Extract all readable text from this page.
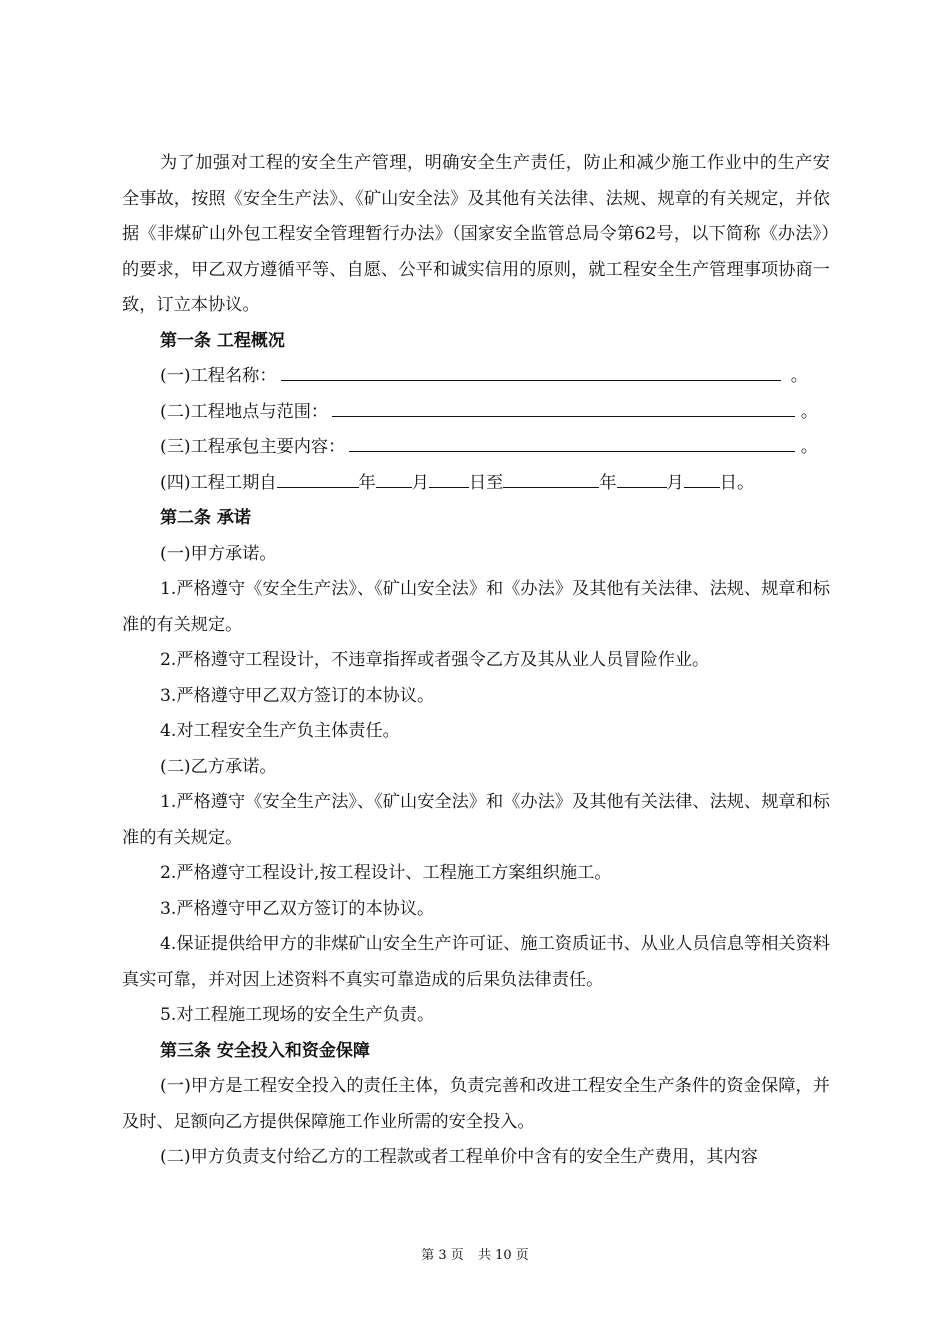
为了加强对工程的安全生产管理，明确安全生产责任，防止和减少施工作业中的生产安全事故，按照《安全生产法》、《矿山安全法》及其他有关法律、法规、规章的有关规定，并依据《非煤矿山外包工程安全管理暂行办法》（国家安全监管总局令第62号，以下简称《办法》）的要求，甲乙双方遵循平等、自愿、公平和诚实信用的原则，就工程安全生产管理事项协商一致，订立本协议。

第一条 工程概况

(一)工程名称：	。

(二)工程地点与范围：	。

(三)工程承包主要内容：	。

(四)工程工期自	年 月 日至	年	月 日。

第二条 承诺

(一)甲方承诺。

1.严格遵守《安全生产法》、《矿山安全法》和《办法》及其他有关法律、法规、规章和标准的有关规定。

2.严格遵守工程设计，不违章指挥或者强令乙方及其从业人员冒险作业。

3.严格遵守甲乙双方签订的本协议。

4.对工程安全生产负主体责任。

(二)乙方承诺。

1.严格遵守《安全生产法》、《矿山安全法》和《办法》及其他有关法律、法规、规章和标准的有关规定。

2.严格遵守工程设计,按工程设计、工程施工方案组织施工。

3.严格遵守甲乙双方签订的本协议。

4.保证提供给甲方的非煤矿山安全生产许可证、施工资质证书、从业人员信息等相关资料真实可靠，并对因上述资料不真实可靠造成的后果负法律责任。

5.对工程施工现场的安全生产负责。

第三条 安全投入和资金保障

(一)甲方是工程安全投入的责任主体，负责完善和改进工程安全生产条件的资金保障，并及时、足额向乙方提供保障施工作业所需的安全投入。

(二)甲方负责支付给乙方的工程款或者工程单价中含有的安全生产费用，其内容

第 3 页 共 10 页
